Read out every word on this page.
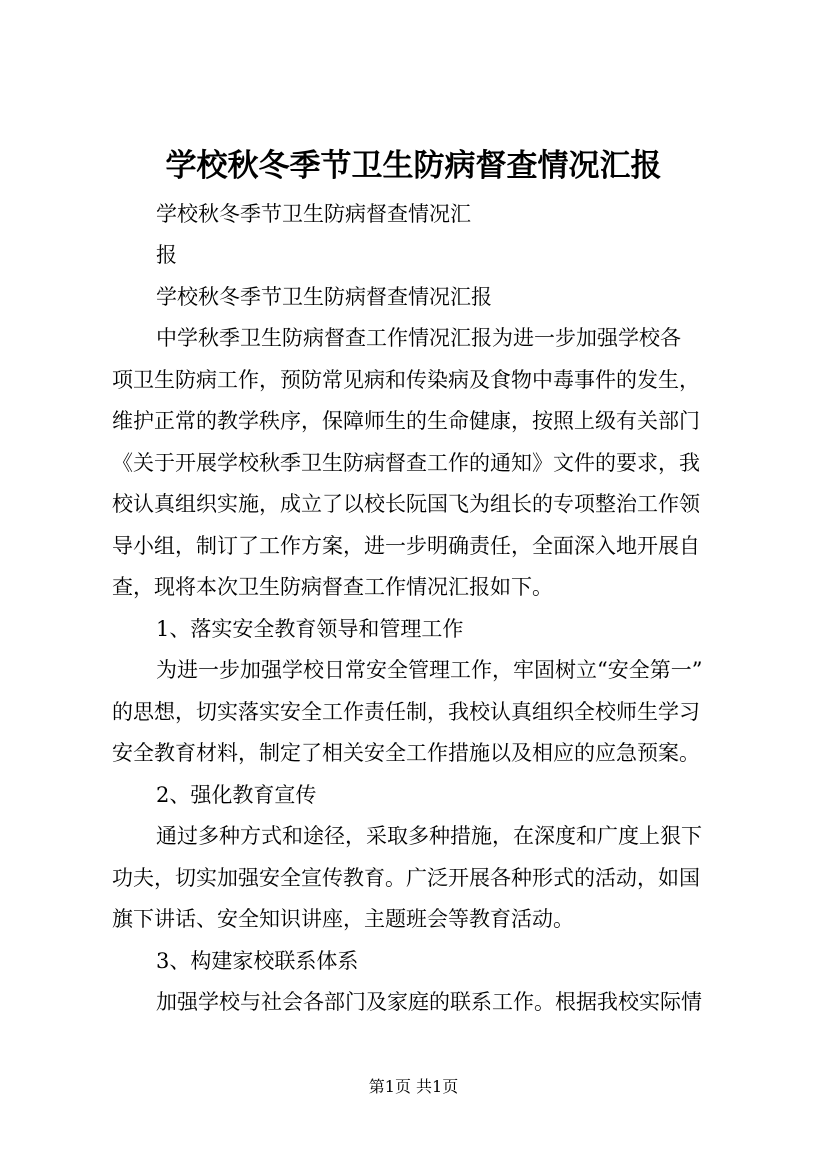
学校秋冬季节卫生防病督查情况汇报
学校秋冬季节卫生防病督查情况汇
报
学校秋冬季节卫生防病督查情况汇报
中学秋季卫生防病督查工作情况汇报为进一步加强学校各
项卫生防病工作，预防常见病和传染病及食物中毒事件的发生，
维护正常的教学秩序，保障师生的生命健康，按照上级有关部门
《关于开展学校秋季卫生防病督查工作的通知》文件的要求，我
校认真组织实施，成立了以校长阮国飞为组长的专项整治工作领
导小组，制订了工作方案，进一步明确责任，全面深入地开展自
查，现将本次卫生防病督查工作情况汇报如下。
1、落实安全教育领导和管理工作
为进一步加强学校日常安全管理工作，牢固树立“安全第一”
的思想，切实落实安全工作责任制，我校认真组织全校师生学习
安全教育材料，制定了相关安全工作措施以及相应的应急预案。
2、强化教育宣传
通过多种方式和途径，采取多种措施，在深度和广度上狠下
功夫，切实加强安全宣传教育。广泛开展各种形式的活动，如国
旗下讲话、安全知识讲座，主题班会等教育活动。
3、构建家校联系体系
加强学校与社会各部门及家庭的联系工作。根据我校实际情
第1页 共1页
